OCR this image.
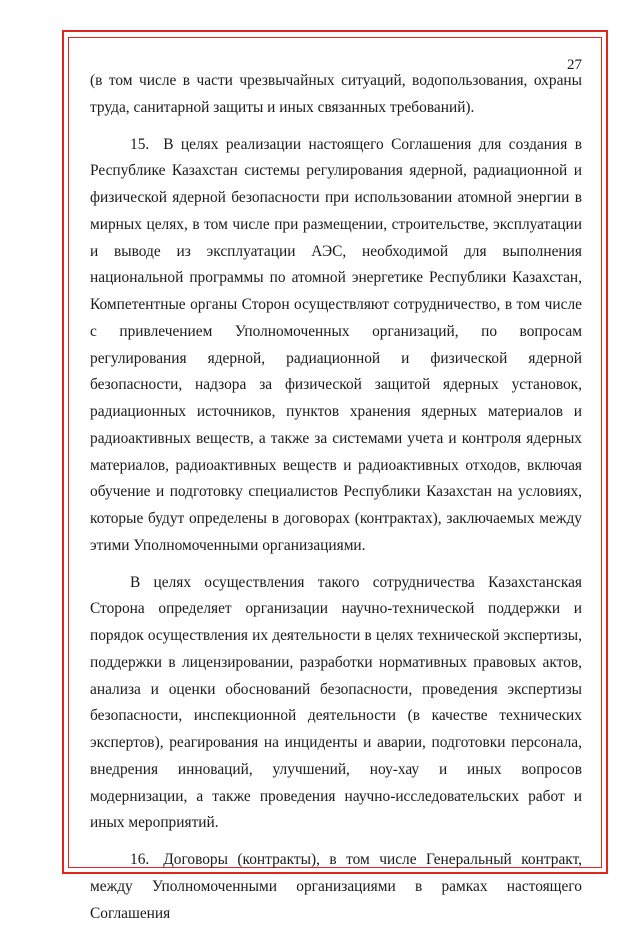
27

(в том числе в части чрезвычайных ситуаций, водопользования, охраны труда, санитарной защиты и иных связанных требований).

15. В целях реализации настоящего Соглашения для создания в Республике Казахстан системы регулирования ядерной, радиационной и физической ядерной безопасности при использовании атомной энергии в мирных целях, в том числе при размещении, строительстве, эксплуатации и выводе из эксплуатации АЭС, необходимой для выполнения национальной программы по атомной энергетике Республики Казахстан, Компетентные органы Сторон осуществляют сотрудничество, в том числе с привлечением Уполномоченных организаций, по вопросам регулирования ядерной, радиационной и физической ядерной безопасности, надзора за физической защитой ядерных установок, радиационных источников, пунктов хранения ядерных материалов и радиоактивных веществ, а также за системами учета и контроля ядерных материалов, радиоактивных веществ и радиоактивных отходов, включая обучение и подготовку специалистов Республики Казахстан на условиях, которые будут определены в договорах (контрактах), заключаемых между этими Уполномоченными организациями.

В целях осуществления такого сотрудничества Казахстанская Сторона определяет организации научно-технической поддержки и порядок осуществления их деятельности в целях технической экспертизы, поддержки в лицензировании, разработки нормативных правовых актов, анализа и оценки обоснований безопасности, проведения экспертизы безопасности, инспекционной деятельности (в качестве технических экспертов), реагирования на инциденты и аварии, подготовки персонала, внедрения инноваций, улучшений, ноу-хау и иных вопросов модернизации, а также проведения научно-исследовательских работ и иных мероприятий.

16. Договоры (контракты), в том числе Генеральный контракт, между Уполномоченными организациями в рамках настоящего Соглашения
